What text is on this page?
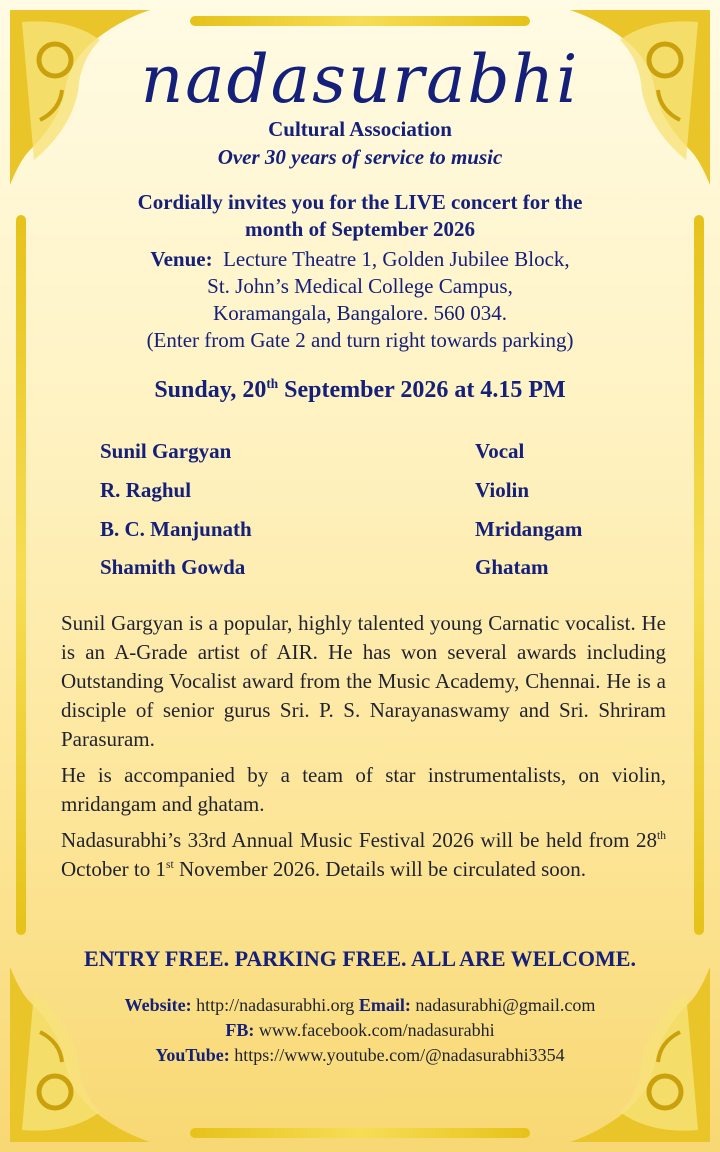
nadasurabhi
Cultural Association
Over 30 years of service to music
Cordially invites you for the LIVE concert for the
month of September 2026
Venue: Lecture Theatre 1, Golden Jubilee Block,
St. John’s Medical College Campus,
Koramangala, Bangalore. 560 034.
(Enter from Gate 2 and turn right towards parking)
Sunday, 20th September 2026 at 4.15 PM
Sunil Gargyan	Vocal
R. Raghul	Violin
B. C. Manjunath	Mridangam
Shamith Gowda	Ghatam
Sunil Gargyan is a popular, highly talented young Carnatic vocalist. He is an A-Grade artist of AIR. He has won several awards including Outstanding Vocalist award from the Music Academy, Chennai. He is a disciple of senior gurus Sri. P. S. Narayanaswamy and Sri. Shriram Parasuram.
He is accompanied by a team of star instrumentalists, on violin, mridangam and ghatam.
Nadasurabhi’s 33rd Annual Music Festival 2026 will be held from 28th October to 1st November 2026. Details will be circulated soon.
ENTRY FREE. PARKING FREE. ALL ARE WELCOME.
Website: http://nadasurabhi.org Email: nadasurabhi@gmail.com
FB: www.facebook.com/nadasurabhi
YouTube: https://www.youtube.com/@nadasurabhi3354
